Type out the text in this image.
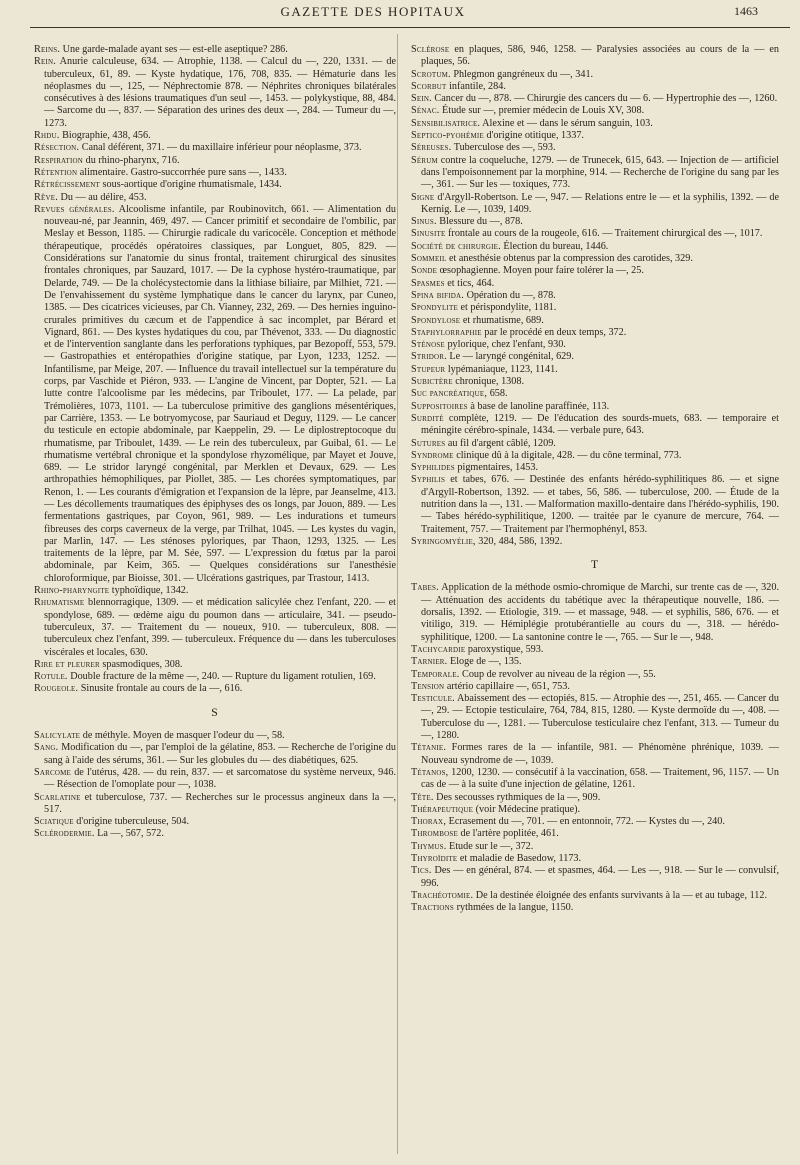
GAZETTE DES HOPITAUX	1463

Reins. Une garde-malade ayant ses — est-elle aseptique? 286.

Rein. Anurie calculeuse, 634. — Atrophie, 1138. — Calcul du —, 220, 1331. — de tuberculeux, 61, 89. — Kyste hydatique, 176, 708, 835. — Hématurie dans les néoplasmes du —, 125, — Néphrectomie 878. — Néphrites chroniques bilatérales consécutives à des lésions traumatiques d'un seul —, 1453. — polykystique, 88, 484. — Sarcome du —, 837. — Séparation des urines des deux —, 284. — Tumeur du —, 1273.

Rhdu. Biographie, 438, 456.

Résection. Canal déférent, 371. — du maxillaire inférieur pour néoplasme, 373.

Respiration du rhino-pharynx, 716.

Rétention alimentaire. Gastro-succorrhée pure sans —, 1433.

Rétrécissement sous-aortique d'origine rhumatismale, 1434.

Rêve. Du — au délire, 453.

Revues générales. Alcoolisme infantile, par Roubinovitch, 661. — Alimentation du nouveau-né, par Jeannin, 469, 497. — Cancer primitif et secondaire de l'ombilic, par Meslay et Besson, 1185. — Chirurgie radicale du varicocèle. Conception et méthode thérapeutique, procédés opératoires classiques, par Longuet, 805, 829. — Considérations sur l'anatomie du sinus frontal, traitement chirurgical des sinusites frontales chroniques, par Sauzard, 1017. — De la cyphose hystéro-traumatique, par Delarde, 749. — De la cholécystectomie dans la lithiase biliaire, par Milhiet, 721. — De l'envahissement du système lymphatique dans le cancer du larynx, par Cuneo, 1385. — Des cicatrices vicieuses, par Ch. Vianney, 232, 269. — Des hernies inguino-crurales primitives du cæcum et de l'appendice à sac incomplet, par Bérard et Vignard, 861. — Des kystes hydatiques du cou, par Thévenot, 333. — Du diagnostic et de l'intervention sanglante dans les perforations typhiques, par Bezopoff, 553, 579. — Gastropathies et entéropathies d'origine statique, par Lyon, 1233, 1252. — Infantilisme, par Meige, 207. — Influence du travail intellectuel sur la température du corps, par Vaschide et Piéron, 933. — L'angine de Vincent, par Dopter, 521. — La lutte contre l'alcoolisme par les médecins, par Triboulet, 177. — La pelade, par Trémolières, 1073, 1101. — La tuberculose primitive des ganglions mésentériques, par Carrière, 1353. — Le botryomycose, par Sauriaud et Deguy, 1129. — Le cancer du testicule en ectopie abdominale, par Kaeppelin, 29. — Le diplostreptocoque du rhumatisme, par Triboulet, 1439. — Le rein des tuberculeux, par Guibal, 61. — Le rhumatisme vertébral chronique et la spondylose rhyzomélique, par Mayet et Jouve, 689. — Le stridor laryngé congénital, par Merklen et Devaux, 629. — Les arthropathies hémophiliques, par Piollet, 385. — Les chorées symptomatiques, par Renon, 1. — Les courants d'émigration et l'expansion de la lèpre, par Jeanselme, 413. — Les décollements traumatiques des épiphyses des os longs, par Jouon, 889. — Les fermentations gastriques, par Coyon, 961, 989. — Les indurations et tumeurs fibreuses des corps caverneux de la verge, par Trilhat, 1045. — Les kystes du vagin, par Marlin, 147. — Les sténoses pyloriques, par Thaon, 1293, 1325. — Les traitements de la lèpre, par M. Sée, 597. — L'expression du fœtus par la paroi abdominale, par Keim, 365. — Quelques considérations sur l'anesthésie chloroformique, par Bioisse, 301. — Ulcérations gastriques, par Trastour, 1413.

Rhino-pharyngite typhoïdique, 1342.

Rhumatisme blennorragique, 1309. — et médication salicylée chez l'enfant, 220. — et spondylose, 689. — œdème aigu du poumon dans — articulaire, 341. — pseudo-tuberculeux, 37. — Traitement du — noueux, 910. — tuberculeux, 808. — tuberculeux chez l'enfant, 399. — tuberculeux. Fréquence du — dans les tuberculoses viscérales et locales, 630.

Rire et pleurer spasmodiques, 308.

Rotule. Double fracture de la même —, 240. — Rupture du ligament rotulien, 169.

Rougeole. Sinusite frontale au cours de la —, 616.

S

Salicylate de méthyle. Moyen de masquer l'odeur du —, 58.

Sang. Modification du —, par l'emploi de la gélatine, 853. — Recherche de l'origine du sang à l'aide des sérums, 361. — Sur les globules du — des diabétiques, 625.

Sarcome de l'utérus, 428. — du rein, 837. — et sarcomatose du système nerveux, 946. — Résection de l'omoplate pour —, 1038.

Scarlatine et tuberculose, 737. — Recherches sur le processus angineux dans la —, 517.

Sciatique d'origine tuberculeuse, 504.

Sclérodermie. La —, 567, 572.

Sclérose en plaques, 586, 946, 1258. — Paralysies associées au cours de la — en plaques, 56.

Scrotum. Phlegmon gangréneux du —, 341.

Scorbut infantile, 284.

Sein. Cancer du —, 878. — Chirurgie des cancers du — 6. — Hypertrophie des —, 1260.

Sénac. Étude sur —, premier médecin de Louis XV, 308.

Sensibilisatrice. Alexine et — dans le sérum sanguin, 103.

Septico-pyohémie d'origine otitique, 1337.

Séreuses. Tuberculose des —, 593.

Sérum contre la coqueluche, 1279. — de Trunecek, 615, 643. — Injection de — artificiel dans l'empoisonnement par la morphine, 914. — Recherche de l'origine du sang par les —, 361. — Sur les — toxiques, 773.

Signe d'Argyll-Robertson. Le —, 947. — Relations entre le — et la syphilis, 1392. — de Kernig. Le —, 1039, 1409.

Sinus. Blessure du —, 878.

Sinusite frontale au cours de la rougeole, 616. — Traitement chirurgical des —, 1017.

Société de chirurgie. Élection du bureau, 1446.

Sommeil et anesthésie obtenus par la compression des carotides, 329.

Sonde œsophagienne. Moyen pour faire tolérer la —, 25.

Spasmes et tics, 464.

Spina bifida. Opération du —, 878.

Spondylite et périspondylite, 1181.

Spondylose et rhumatisme, 689.

Staphylorraphie par le procédé en deux temps, 372.

Sténose pylorique, chez l'enfant, 930.

Stridor. Le — laryngé congénital, 629.

Stupeur lypémaniaque, 1123, 1141.

Subictère chronique, 1308.

Suc pancréatique, 658.

Suppositoires à base de lanoline paraffinée, 113.

Surdité complète, 1219. — De l'éducation des sourds-muets, 683. — temporaire et méningite cérébro-spinale, 1434. — verbale pure, 643.

Sutures au fil d'argent câblé, 1209.

Syndrome clinique dû à la digitale, 428. — du cône terminal, 773.

Syphilides pigmentaires, 1453.

Syphilis et tabes, 676. — Destinée des enfants hérédo-syphilitiques 86. — et signe d'Argyll-Robertson, 1392. — et tabes, 56, 586. — tuberculose, 200. — Étude de la nutrition dans la —, 131. — Malformation maxillo-dentaire dans l'hérédo-syphilis, 190. — Tabes hérédo-syphilitique, 1200. — traitée par le cyanure de mercure, 764. — Traitement, 757. — Traitement par l'hermophényl, 853.

Syringomyélie, 320, 484, 586, 1392.

T

Tabes. Application de la méthode osmio-chromique de Marchi, sur trente cas de —, 320. — Atténuation des accidents du tabétique avec la thérapeutique nouvelle, 186. — dorsalis, 1392. — Etiologie, 319. — et massage, 948. — et syphilis, 586, 676. — et vitiligo, 319. — Hémiplégie protubérantielle au cours du —, 318. — hérédo-syphilitique, 1200. — La santonine contre le —, 765. — Sur le —, 948.

Tachycardie paroxystique, 593.

Tarnier. Eloge de —, 135.

Temporale. Coup de revolver au niveau de la région —, 55.

Tension artério capillaire —, 651, 753.

Testicule. Abaissement des — ectopiés, 815. — Atrophie des —, 251, 465. — Cancer du —, 29. — Ectopie testiculaire, 764, 784, 815, 1280. — Kyste dermoïde du —, 408. — Tuberculose du —, 1281. — Tuberculose testiculaire chez l'enfant, 313. — Tumeur du —, 1280.

Tétanie. Formes rares de la — infantile, 981. — Phénomène phrénique, 1039. — Nouveau syndrome de —, 1039.

Tétanos, 1200, 1230. — consécutif à la vaccination, 658. — Traitement, 96, 1157. — Un cas de — à la suite d'une injection de gélatine, 1261.

Tête. Des secousses rythmiques de la —, 909.

Thérapeutique (voir Médecine pratique).

Thorax, Ecrasement du —, 701. — en entonnoir, 772. — Kystes du —, 240.

Thrombose de l'artère poplitée, 461.

Thymus. Etude sur le —, 372.

Thyroïdite et maladie de Basedow, 1173.

Tics. Des — en général, 874. — et spasmes, 464. — Les —, 918. — Sur le — convulsif, 996.

Trachéotomie. De la destinée éloignée des enfants survivants à la — et au tubage, 112.

Tractions rythmées de la langue, 1150.
